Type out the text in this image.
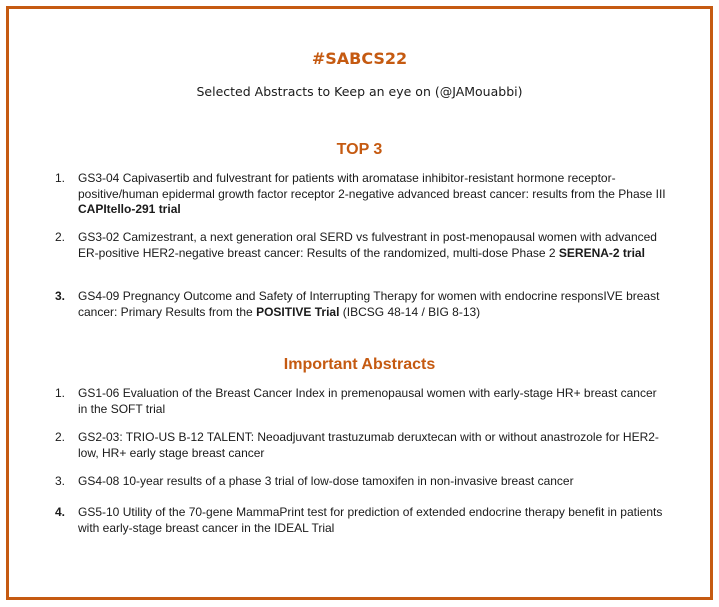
#SABCS22
Selected Abstracts to Keep an eye on (@JAMouabbi)
TOP 3
1.	GS3-04 Capivasertib and fulvestrant for patients with aromatase inhibitor-resistant hormone receptor-positive/human epidermal growth factor receptor 2-negative advanced breast cancer: results from the Phase III CAPItello-291 trial
2.	GS3-02 Camizestrant, a next generation oral SERD vs fulvestrant in post-menopausal women with advanced ER-positive HER2-negative breast cancer: Results of the randomized, multi-dose Phase 2 SERENA-2 trial
3.	GS4-09 Pregnancy Outcome and Safety of Interrupting Therapy for women with endocrine responsIVE breast cancer: Primary Results from the POSITIVE Trial (IBCSG 48-14 / BIG 8-13)
Important Abstracts
1.	GS1-06 Evaluation of the Breast Cancer Index in premenopausal women with early-stage HR+ breast cancer in the SOFT trial
2.	GS2-03: TRIO-US B-12 TALENT: Neoadjuvant trastuzumab deruxtecan with or without anastrozole for HER2-low, HR+ early stage breast cancer
3.	GS4-08 10-year results of a phase 3 trial of low-dose tamoxifen in non-invasive breast cancer
4.	GS5-10 Utility of the 70-gene MammaPrint test for prediction of extended endocrine therapy benefit in patients with early-stage breast cancer in the IDEAL Trial
